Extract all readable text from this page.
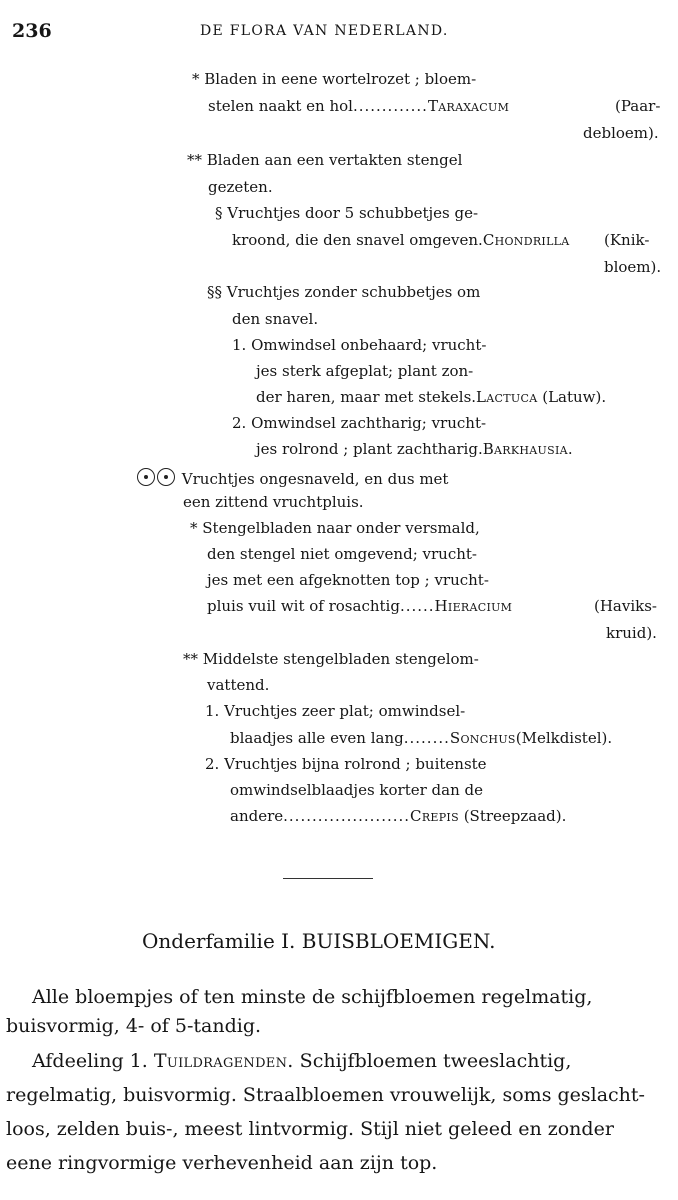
236	DE FLORA VAN NEDERLAND.
* Bladen in eene wortelrozet ; bloem-
stelen naakt en hol.............Taraxacum	(Paar-
debloem).
** Bladen aan een vertakten stengel
gezeten.
§ Vruchtjes door 5 schubbetjes ge-
kroond, die den snavel omgeven.Chondrilla (Knik-
bloem).
§§ Vruchtjes zonder schubbetjes om
den snavel.
1. Omwindsel onbehaard; vrucht-
jes sterk afgeplat; plant zon-
der haren, maar met stekels.Lactuca (Latuw).
2. Omwindsel zachtharig; vrucht-
jes rolrond ; plant zachtharig.Barkhausia.
Vruchtjes ongesnaveld, en dus met
een zittend vruchtpluis.
* Stengelbladen naar onder versmald,
den stengel niet omgevend; vrucht-
jes met een afgeknotten top ; vrucht-
pluis vuil wit of rosachtig......Hieracium	(Haviks-
kruid).
** Middelste stengelbladen stengelom-
vattend.
1. Vruchtjes zeer plat; omwindsel-
blaadjes alle even lang........Sonchus(Melkdistel).
2. Vruchtjes bijna rolrond ; buitenste
omwindselblaadjes korter dan de
andere......................Crepis (Streepzaad).
Onderfamilie I. BUISBLOEMIGEN.
Alle bloempjes of ten minste de schijfbloemen regelmatig,
buisvormig, 4- of 5-tandig.
Afdeeling 1. Tuildragenden. Schijfbloemen tweeslachtig,
regelmatig, buisvormig. Straalbloemen vrouwelijk, soms geslacht-
loos, zelden buis-, meest lintvormig. Stijl niet geleed en zonder
eene ringvormige verhevenheid aan zijn top.
